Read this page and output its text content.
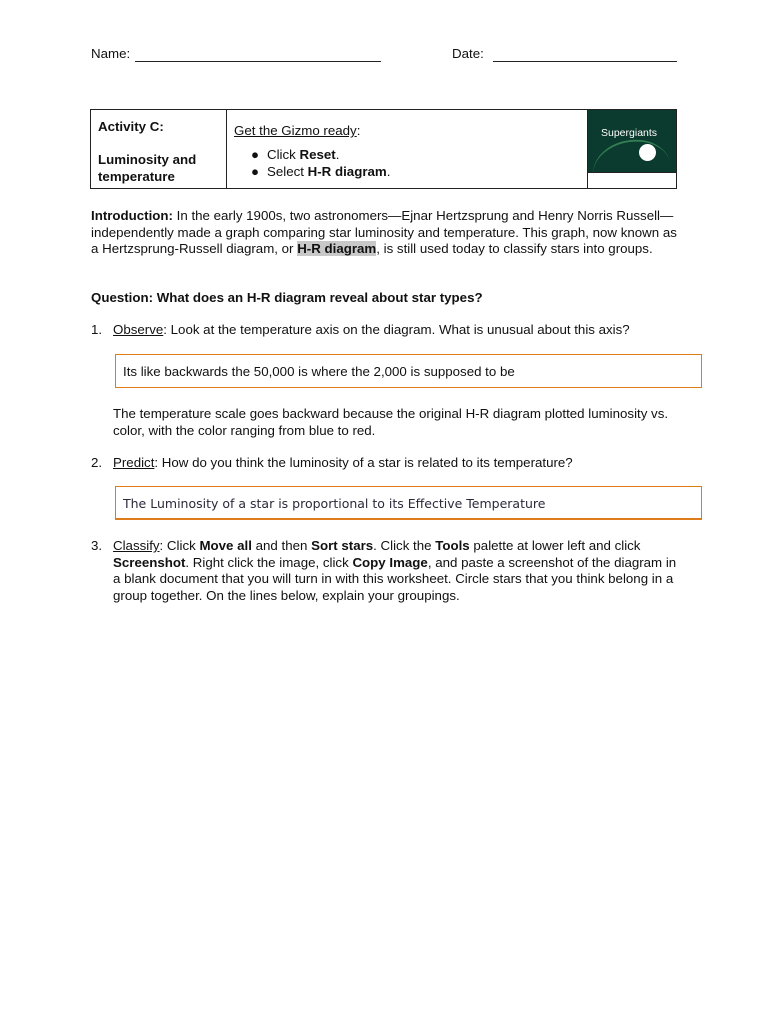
Name:	Date:
Activity C:
Luminosity and temperature
Get the Gizmo ready:
● Click Reset.
● Select H-R diagram.
Supergiants
Introduction: In the early 1900s, two astronomers—Ejnar Hertzsprung and Henry Norris Russell—independently made a graph comparing star luminosity and temperature. This graph, now known as a Hertzsprung-Russell diagram, or H-R diagram, is still used today to classify stars into groups.
Question: What does an H-R diagram reveal about star types?
1. Observe: Look at the temperature axis on the diagram. What is unusual about this axis?
Its like backwards the 50,000 is where the 2,000 is supposed to be
The temperature scale goes backward because the original H-R diagram plotted luminosity vs. color, with the color ranging from blue to red.
2. Predict: How do you think the luminosity of a star is related to its temperature?
The Luminosity of a star is proportional to its Effective Temperature
3. Classify: Click Move all and then Sort stars. Click the Tools palette at lower left and click Screenshot. Right click the image, click Copy Image, and paste a screenshot of the diagram in a blank document that you will turn in with this worksheet. Circle stars that you think belong in a group together. On the lines below, explain your groupings.
